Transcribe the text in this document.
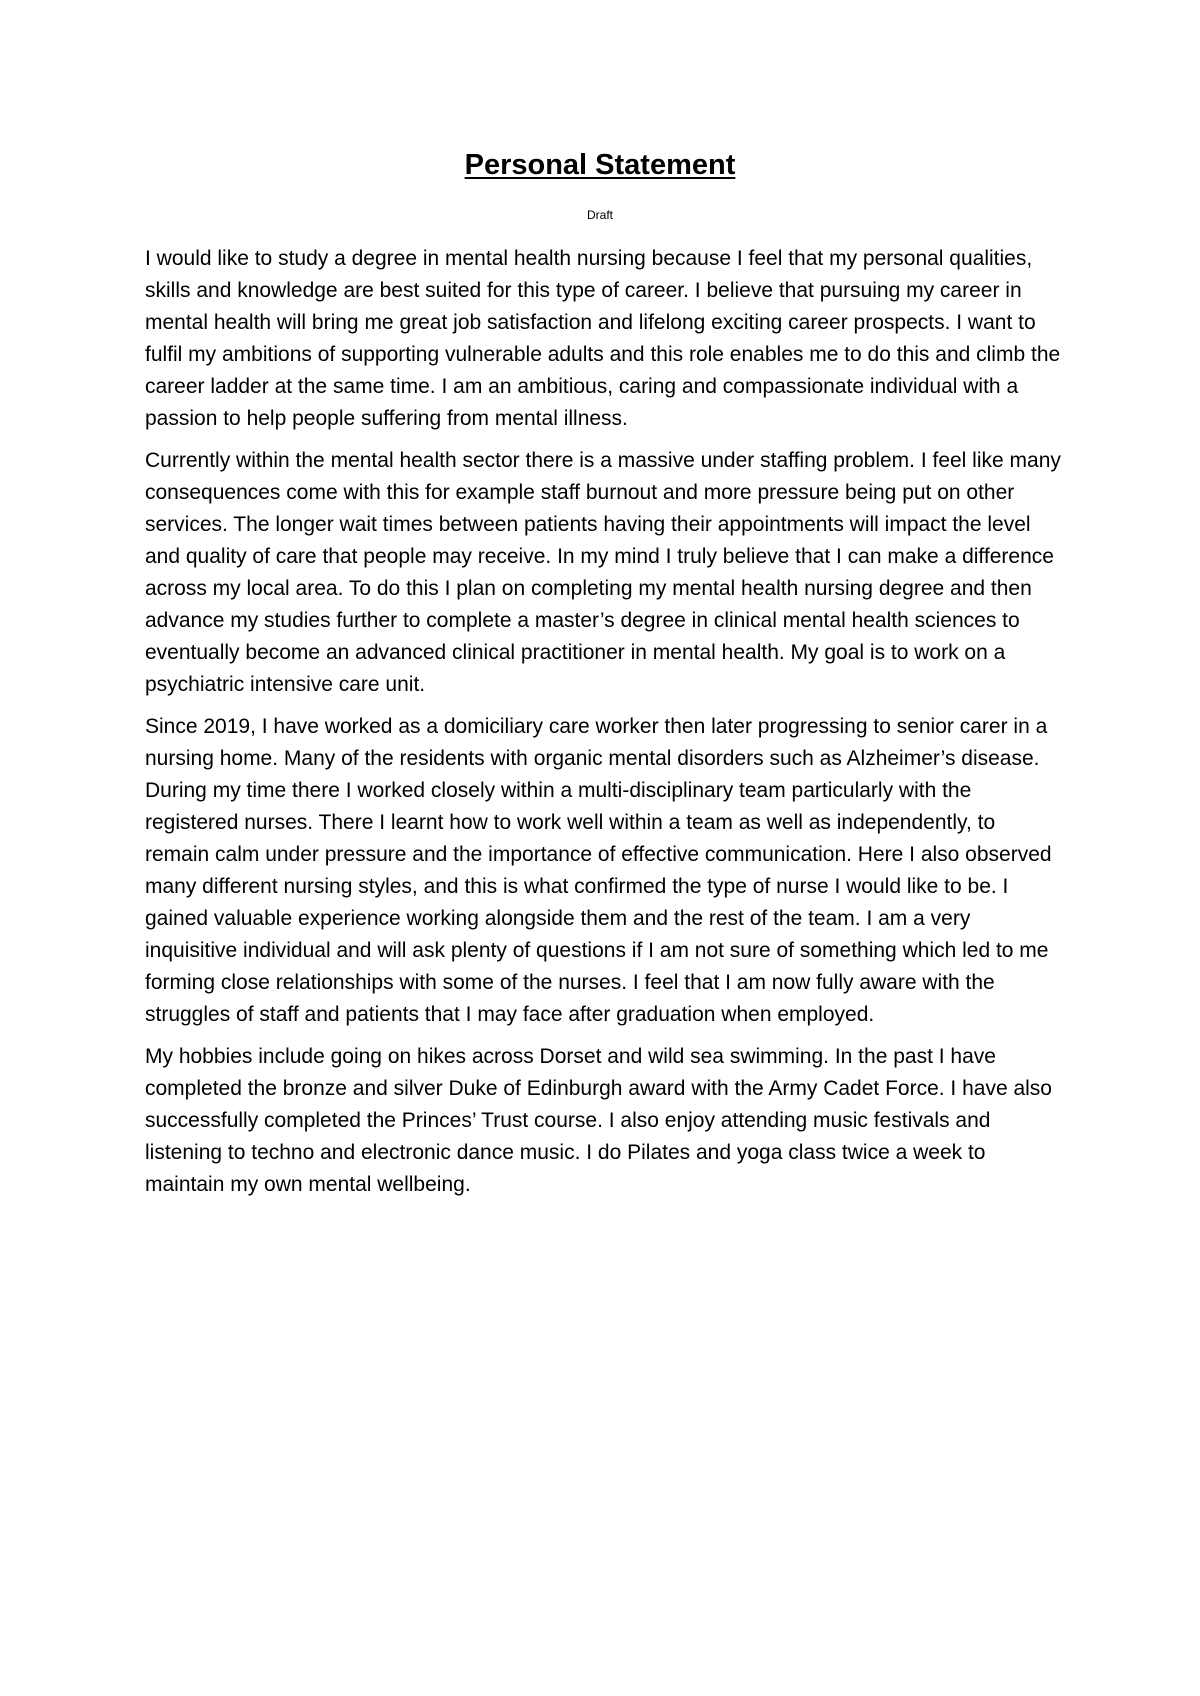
Personal Statement
Draft

I would like to study a degree in mental health nursing because I feel that my personal qualities, skills and knowledge are best suited for this type of career. I believe that pursuing my career in mental health will bring me great job satisfaction and lifelong exciting career prospects. I want to fulfil my ambitions of supporting vulnerable adults and this role enables me to do this and climb the career ladder at the same time. I am an ambitious, caring and compassionate individual with a passion to help people suffering from mental illness.

Currently within the mental health sector there is a massive under staffing problem. I feel like many consequences come with this for example staff burnout and more pressure being put on other services. The longer wait times between patients having their appointments will impact the level and quality of care that people may receive. In my mind I truly believe that I can make a difference across my local area. To do this I plan on completing my mental health nursing degree and then advance my studies further to complete a master’s degree in clinical mental health sciences to eventually become an advanced clinical practitioner in mental health. My goal is to work on a psychiatric intensive care unit.

Since 2019, I have worked as a domiciliary care worker then later progressing to senior carer in a nursing home. Many of the residents with organic mental disorders such as Alzheimer’s disease. During my time there I worked closely within a multi-disciplinary team particularly with the registered nurses. There I learnt how to work well within a team as well as independently, to remain calm under pressure and the importance of effective communication. Here I also observed many different nursing styles, and this is what confirmed the type of nurse I would like to be. I gained valuable experience working alongside them and the rest of the team. I am a very inquisitive individual and will ask plenty of questions if I am not sure of something which led to me forming close relationships with some of the nurses. I feel that I am now fully aware with the struggles of staff and patients that I may face after graduation when employed.

My hobbies include going on hikes across Dorset and wild sea swimming. In the past I have completed the bronze and silver Duke of Edinburgh award with the Army Cadet Force. I have also successfully completed the Princes’ Trust course. I also enjoy attending music festivals and listening to techno and electronic dance music. I do Pilates and yoga class twice a week to maintain my own mental wellbeing.
